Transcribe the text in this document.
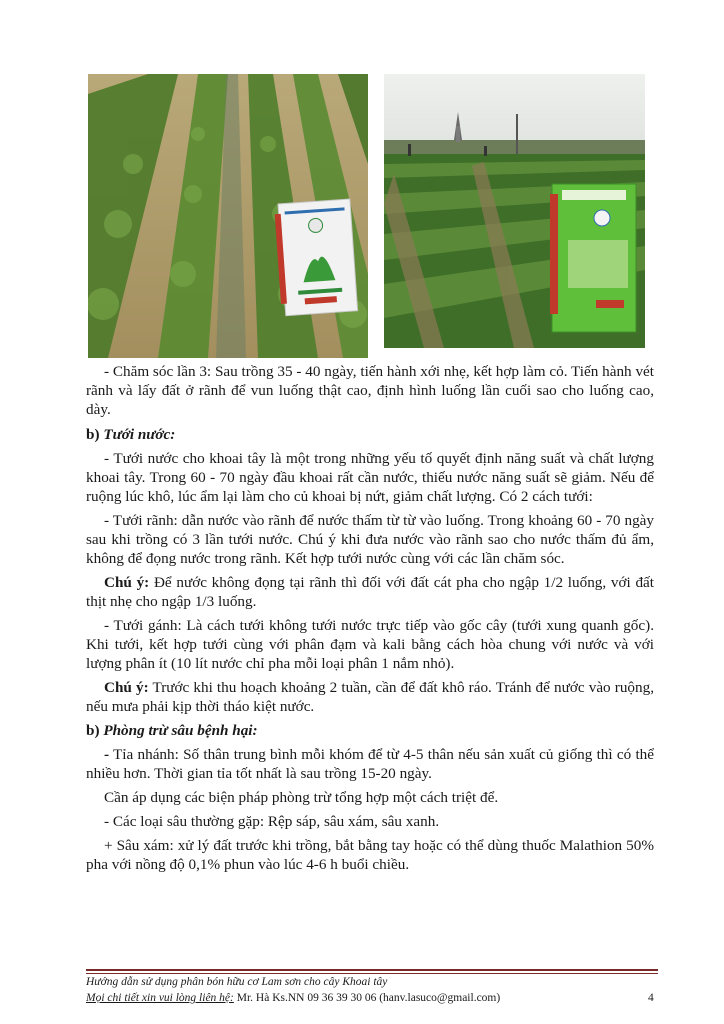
- Chăm sóc lần 3: Sau trồng 35 - 40 ngày, tiến hành xới nhẹ, kết hợp làm cỏ. Tiến hành vét rãnh và lấy đất ở rãnh để vun luống thật cao, định hình luống lần cuối sao cho luống cao, dày.

b) Tưới nước:

- Tưới nước cho khoai tây là một trong những yếu tố quyết định năng suất và chất lượng khoai tây. Trong 60 - 70 ngày đầu khoai rất cần nước, thiếu nước năng suất sẽ giảm. Nếu để ruộng lúc khô, lúc ẩm lại làm cho củ khoai bị nứt, giảm chất lượng. Có 2 cách tưới:

- Tưới rãnh: dẫn nước vào rãnh để nước thấm từ từ vào luống. Trong khoảng 60 - 70 ngày sau khi trồng có 3 lần tưới nước. Chú ý khi đưa nước vào rãnh sao cho nước thấm đủ ẩm, không để đọng nước trong rãnh. Kết hợp tưới nước cùng với các lần chăm sóc.

Chú ý: Để nước không đọng tại rãnh thì đối với đất cát pha cho ngập 1/2 luống, với đất thịt nhẹ cho ngập 1/3 luống.

- Tưới gánh: Là cách tưới không tưới nước trực tiếp vào gốc cây (tưới xung quanh gốc). Khi tưới, kết hợp tưới cùng với phân đạm và kali bằng cách hòa chung với nước và với lượng phân ít (10 lít nước chỉ pha mỗi loại phân 1 nắm nhỏ).

Chú ý: Trước khi thu hoạch khoảng 2 tuần, cần để đất khô ráo. Tránh để nước vào ruộng, nếu mưa phải kịp thời tháo kiệt nước.

b) Phòng trừ sâu bệnh hại:

- Tỉa nhánh: Số thân trung bình mỗi khóm để từ 4-5 thân nếu sản xuất củ giống thì có thể nhiều hơn. Thời gian tỉa tốt nhất là sau trồng 15-20 ngày.

Cần áp dụng các biện pháp phòng trừ tổng hợp một cách triệt để.

- Các loại sâu thường gặp: Rệp sáp, sâu xám, sâu xanh.

+ Sâu xám: xử lý đất trước khi trồng, bắt bằng tay hoặc có thể dùng thuốc Malathion 50% pha với nồng độ 0,1% phun vào lúc 4-6 h buổi chiều.

Hướng dẫn sử dụng phân bón hữu cơ Lam sơn cho cây Khoai tây
Mọi chi tiết xin vui lòng liên hệ: Mr. Hà Ks.NN 09 36 39 30 06 (hanv.lasuco@gmail.com)	4
